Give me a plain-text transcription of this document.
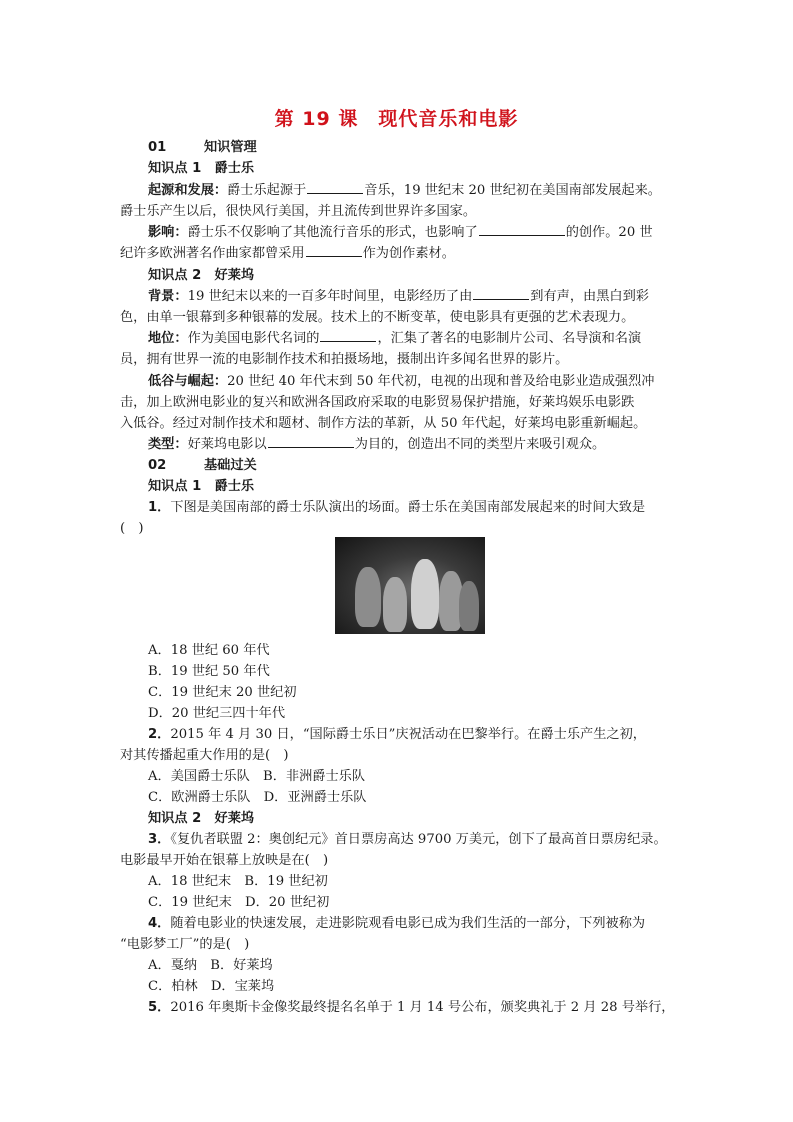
第 19 课　现代音乐和电影
01	知识管理
知识点 1　爵士乐
起源和发展：爵士乐起源于	音乐，19 世纪末 20 世纪初在美国南部发展起来。
爵士乐产生以后，很快风行美国，并且流传到世界许多国家。
影响：爵士乐不仅影响了其他流行音乐的形式，也影响了	的创作。20 世
纪许多欧洲著名作曲家都曾采用	作为创作素材。
知识点 2　好莱坞
背景：19 世纪末以来的一百多年时间里，电影经历了由	到有声，由黑白到彩
色，由单一银幕到多种银幕的发展。技术上的不断变革，使电影具有更强的艺术表现力。
地位：作为美国电影代名词的	，汇集了著名的电影制片公司、名导演和名演
员，拥有世界一流的电影制作技术和拍摄场地，摄制出许多闻名世界的影片。
低谷与崛起：20 世纪 40 年代末到 50 年代初，电视的出现和普及给电影业造成强烈冲
击，加上欧洲电影业的复兴和欧洲各国政府采取的电影贸易保护措施，好莱坞娱乐电影跌
入低谷。经过对制作技术和题材、制作方法的革新，从 50 年代起，好莱坞电影重新崛起。
类型：好莱坞电影以	为目的，创造出不同的类型片来吸引观众。
02	基础过关
知识点 1　爵士乐
1．下图是美国南部的爵士乐队演出的场面。爵士乐在美国南部发展起来的时间大致是
(　)
A．18 世纪 60 年代
B．19 世纪 50 年代
C．19 世纪末 20 世纪初
D．20 世纪三四十年代
2．2015 年 4 月 30 日，“国际爵士乐日”庆祝活动在巴黎举行。在爵士乐产生之初，
对其传播起重大作用的是(　)
A．美国爵士乐队　B．非洲爵士乐队
C．欧洲爵士乐队　D．亚洲爵士乐队
知识点 2　好莱坞
3．《复仇者联盟 2：奥创纪元》首日票房高达 9700 万美元，创下了最高首日票房纪录。
电影最早开始在银幕上放映是在(　)
A．18 世纪末　B．19 世纪初
C．19 世纪末　D．20 世纪初
4．随着电影业的快速发展，走进影院观看电影已成为我们生活的一部分，下列被称为
“电影梦工厂”的是(　)
A．戛纳　B．好莱坞
C．柏林　D．宝莱坞
5．2016 年奥斯卡金像奖最终提名名单于 1 月 14 号公布，颁奖典礼于 2 月 28 号举行，
